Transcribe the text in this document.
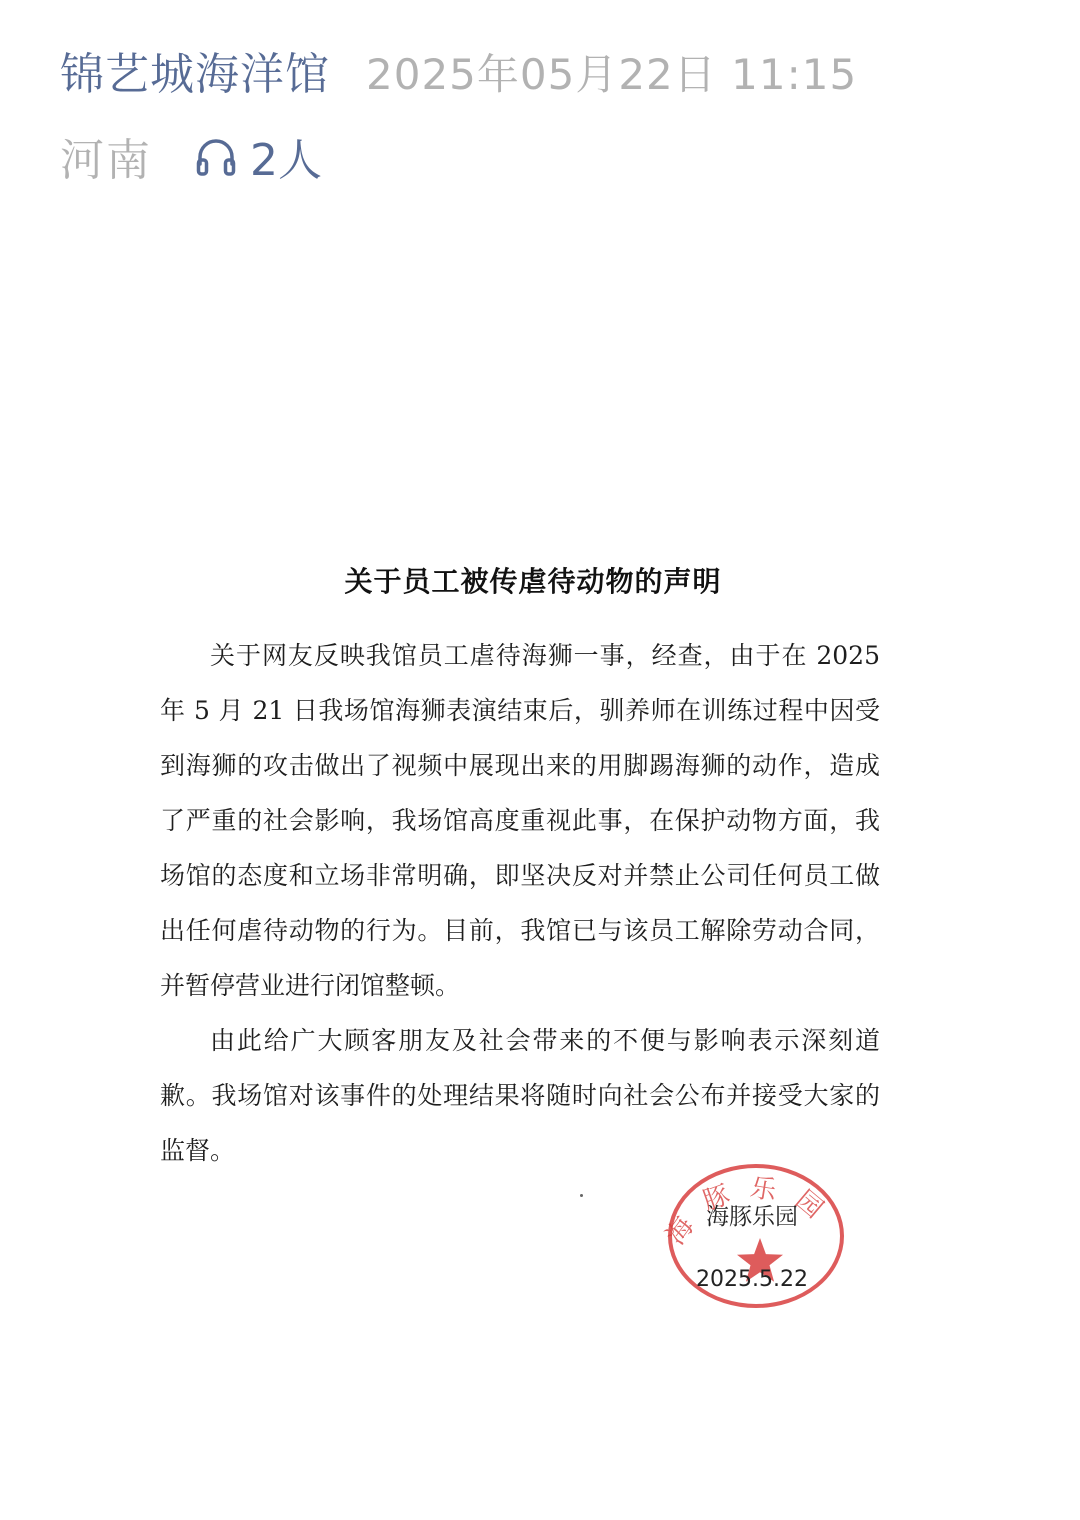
锦艺城海洋馆 2025年05月22日 11:15
河南 2人
关于员工被传虐待动物的声明

关于网友反映我馆员工虐待海狮一事，经查，由于在 2025 年 5 月 21 日我场馆海狮表演结束后，驯养师在训练过程中因受到海狮的攻击做出了视频中展现出来的用脚踢海狮的动作，造成了严重的社会影响，我场馆高度重视此事，在保护动物方面，我场馆的态度和立场非常明确，即坚决反对并禁止公司任何员工做出任何虐待动物的行为。目前，我馆已与该员工解除劳动合同，并暂停营业进行闭馆整顿。

由此给广大顾客朋友及社会带来的不便与影响表示深刻道歉。我场馆对该事件的处理结果将随时向社会公布并接受大家的监督。

海豚乐园
海豚乐园
2025.5.22
